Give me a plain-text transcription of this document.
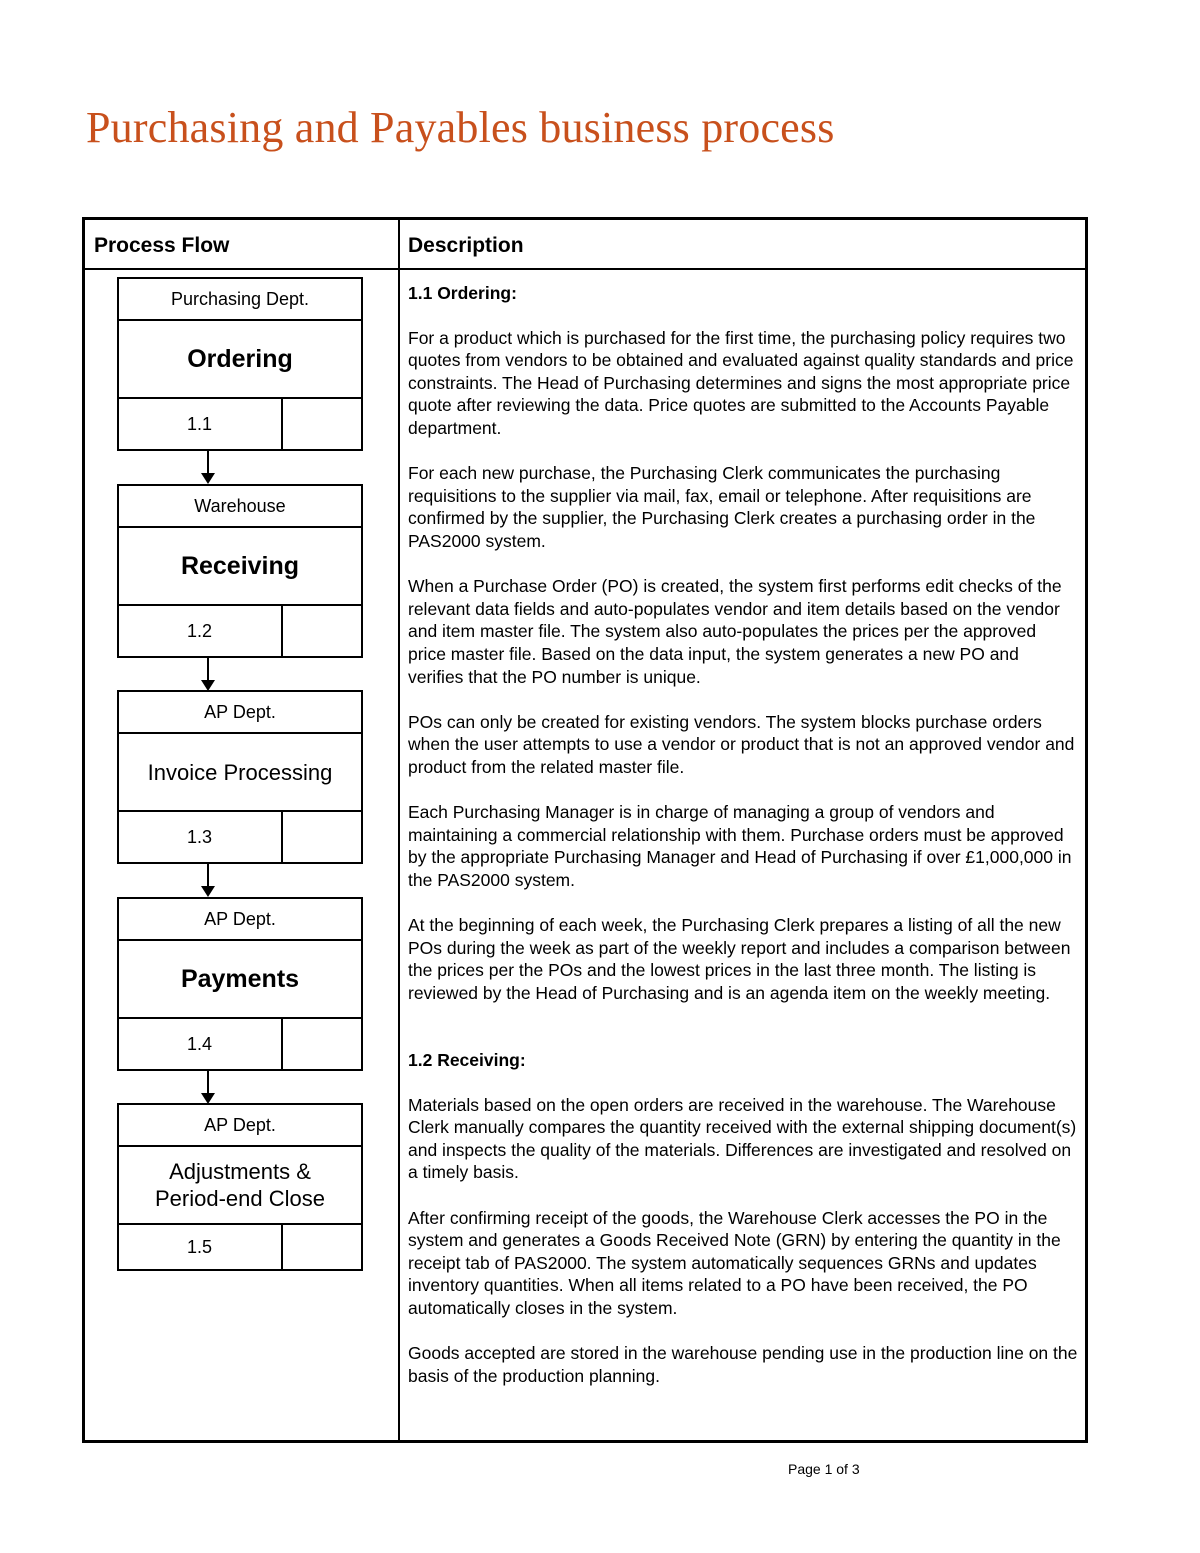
Purchasing and Payables business process
Process Flow	Description
Purchasing Dept.
Ordering
1.1
Warehouse
Receiving
1.2
AP Dept.
Invoice Processing
1.3
AP Dept.
Payments
1.4
AP Dept.
Adjustments & Period-end Close
1.5
1.1 Ordering:

For a product which is purchased for the first time, the purchasing policy requires two quotes from vendors to be obtained and evaluated against quality standards and price constraints. The Head of Purchasing determines and signs the most appropriate price quote after reviewing the data. Price quotes are submitted to the Accounts Payable department.

For each new purchase, the Purchasing Clerk communicates the purchasing requisitions to the supplier via mail, fax, email or telephone. After requisitions are confirmed by the supplier, the Purchasing Clerk creates a purchasing order in the PAS2000 system.

When a Purchase Order (PO) is created, the system first performs edit checks of the relevant data fields and auto-populates vendor and item details based on the vendor and item master file. The system also auto-populates the prices per the approved price master file. Based on the data input, the system generates a new PO and verifies that the PO number is unique.

POs can only be created for existing vendors. The system blocks purchase orders when the user attempts to use a vendor or product that is not an approved vendor and product from the related master file.

Each Purchasing Manager is in charge of managing a group of vendors and maintaining a commercial relationship with them. Purchase orders must be approved by the appropriate Purchasing Manager and Head of Purchasing if over £1,000,000 in the PAS2000 system.

At the beginning of each week, the Purchasing Clerk prepares a listing of all the new POs during the week as part of the weekly report and includes a comparison between the prices per the POs and the lowest prices in the last three month. The listing is reviewed by the Head of Purchasing and is an agenda item on the weekly meeting.

1.2 Receiving:

Materials based on the open orders are received in the warehouse. The Warehouse Clerk manually compares the quantity received with the external shipping document(s) and inspects the quality of the materials. Differences are investigated and resolved on a timely basis.

After confirming receipt of the goods, the Warehouse Clerk accesses the PO in the system and generates a Goods Received Note (GRN) by entering the quantity in the receipt tab of PAS2000. The system automatically sequences GRNs and updates inventory quantities. When all items related to a PO have been received, the PO automatically closes in the system.

Goods accepted are stored in the warehouse pending use in the production line on the basis of the production planning.

Page 1 of 3
